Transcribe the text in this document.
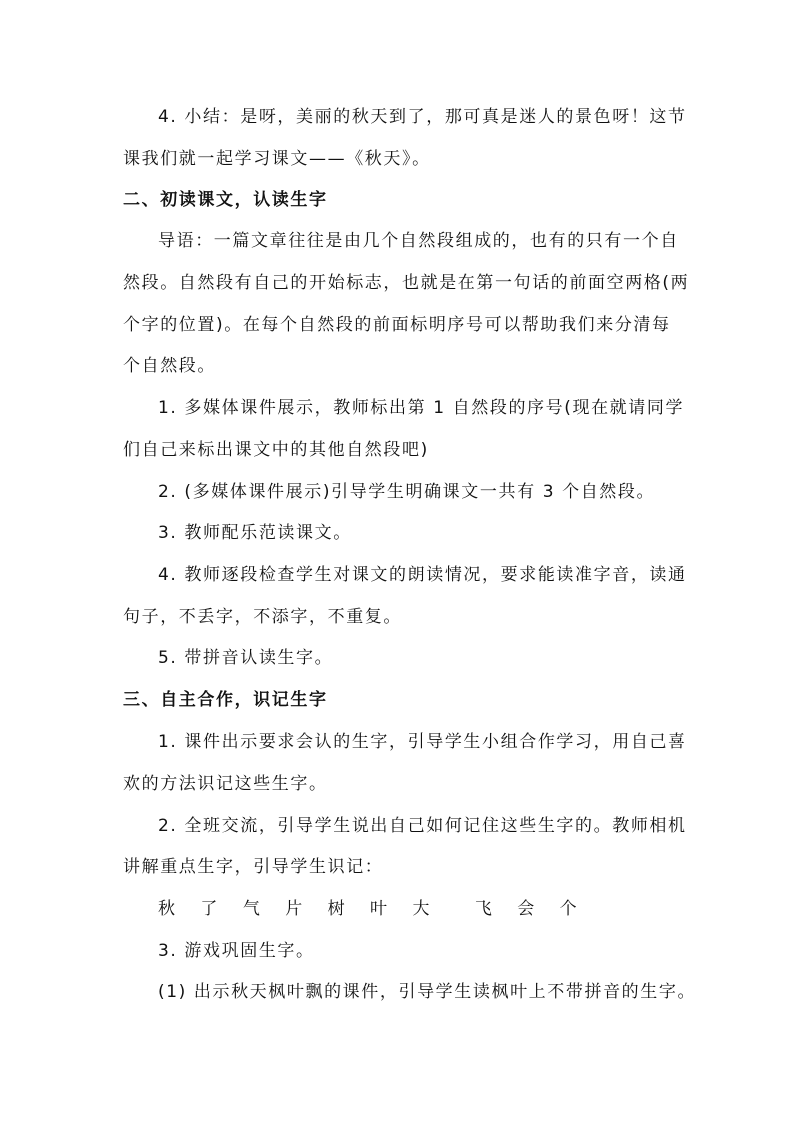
4. 小结：是呀，美丽的秋天到了，那可真是迷人的景色呀！这节
课我们就一起学习课文——《秋天》。
二、初读课文，认读生字
导语：一篇文章往往是由几个自然段组成的，也有的只有一个自
然段。自然段有自己的开始标志，也就是在第一句话的前面空两格(两
个字的位置)。在每个自然段的前面标明序号可以帮助我们来分清每
个自然段。
1. 多媒体课件展示，教师标出第 1 自然段的序号(现在就请同学
们自己来标出课文中的其他自然段吧)
2. (多媒体课件展示)引导学生明确课文一共有 3 个自然段。
3. 教师配乐范读课文。
4. 教师逐段检查学生对课文的朗读情况，要求能读准字音，读通
句子，不丢字，不添字，不重复。
5. 带拼音认读生字。
三、自主合作，识记生字
1. 课件出示要求会认的生字，引导学生小组合作学习，用自己喜
欢的方法识记这些生字。
2. 全班交流，引导学生说出自己如何记住这些生字的。教师相机
讲解重点生字，引导学生识记：
秋 了 气 片 树 叶 大	飞 会 个
3. 游戏巩固生字。
(1) 出示秋天枫叶飘的课件，引导学生读枫叶上不带拼音的生字。
